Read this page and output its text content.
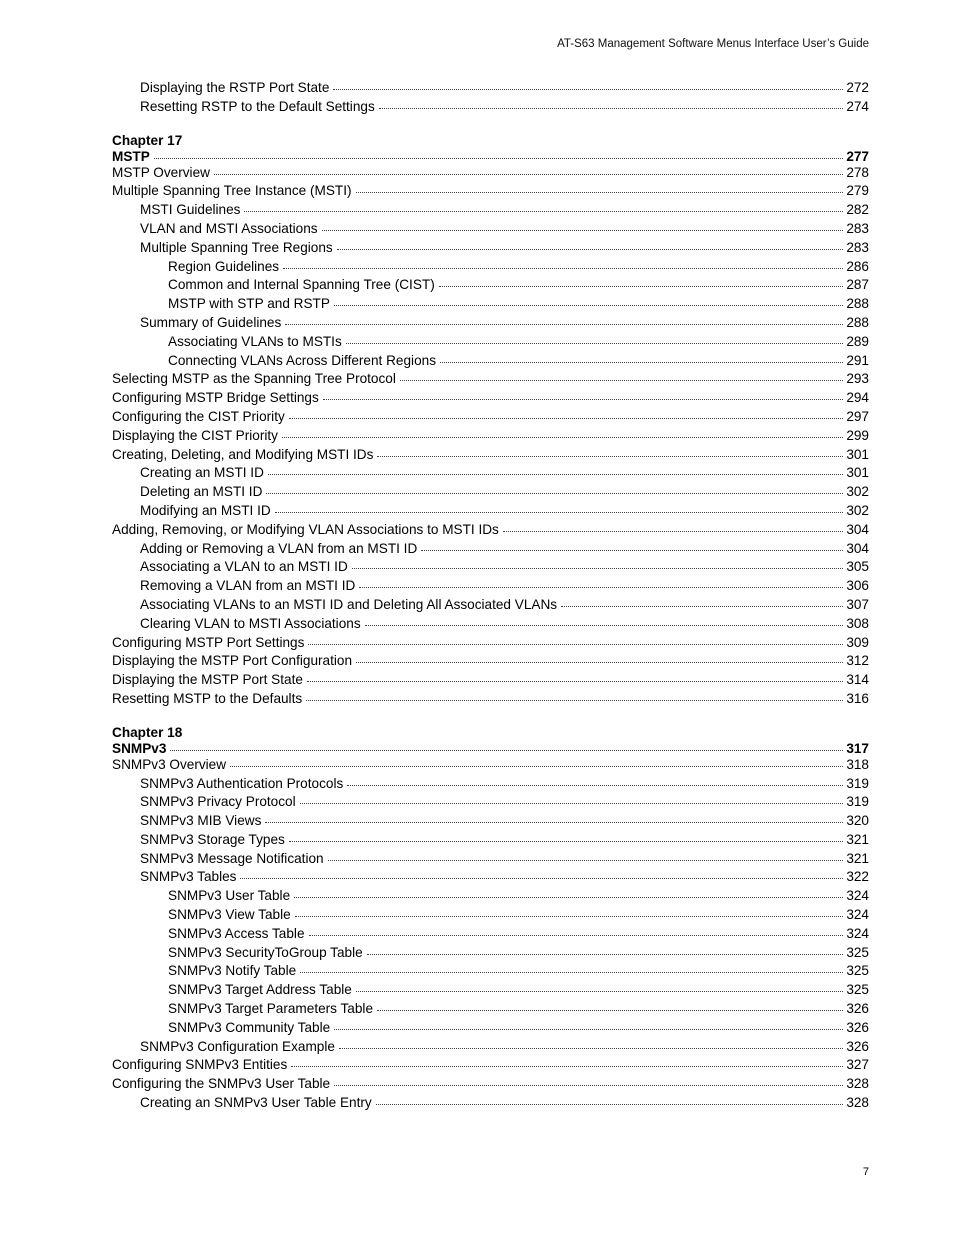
AT-S63 Management Software Menus Interface User’s Guide
Displaying the RSTP Port State	272
Resetting RSTP to the Default Settings	274
Chapter 17
MSTP	277
MSTP Overview	278
Multiple Spanning Tree Instance (MSTI)	279
MSTI Guidelines	282
VLAN and MSTI Associations	283
Multiple Spanning Tree Regions	283
Region Guidelines	286
Common and Internal Spanning Tree (CIST)	287
MSTP with STP and RSTP	288
Summary of Guidelines	288
Associating VLANs to MSTIs	289
Connecting VLANs Across Different Regions	291
Selecting MSTP as the Spanning Tree Protocol	293
Configuring MSTP Bridge Settings	294
Configuring the CIST Priority	297
Displaying the CIST Priority	299
Creating, Deleting, and Modifying MSTI IDs	301
Creating an MSTI ID	301
Deleting an MSTI ID	302
Modifying an MSTI ID	302
Adding, Removing, or Modifying VLAN Associations to MSTI IDs	304
Adding or Removing a VLAN from an MSTI ID	304
Associating a VLAN to an MSTI ID	305
Removing a VLAN from an MSTI ID	306
Associating VLANs to an MSTI ID and Deleting All Associated VLANs	307
Clearing VLAN to MSTI Associations	308
Configuring MSTP Port Settings	309
Displaying the MSTP Port Configuration	312
Displaying the MSTP Port State	314
Resetting MSTP to the Defaults	316
Chapter 18
SNMPv3	317
SNMPv3 Overview	318
SNMPv3 Authentication Protocols	319
SNMPv3 Privacy Protocol	319
SNMPv3 MIB Views	320
SNMPv3 Storage Types	321
SNMPv3 Message Notification	321
SNMPv3 Tables	322
SNMPv3 User Table	324
SNMPv3 View Table	324
SNMPv3 Access Table	324
SNMPv3 SecurityToGroup Table	325
SNMPv3 Notify Table	325
SNMPv3 Target Address Table	325
SNMPv3 Target Parameters Table	326
SNMPv3 Community Table	326
SNMPv3 Configuration Example	326
Configuring SNMPv3 Entities	327
Configuring the SNMPv3 User Table	328
Creating an SNMPv3 User Table Entry	328
7
